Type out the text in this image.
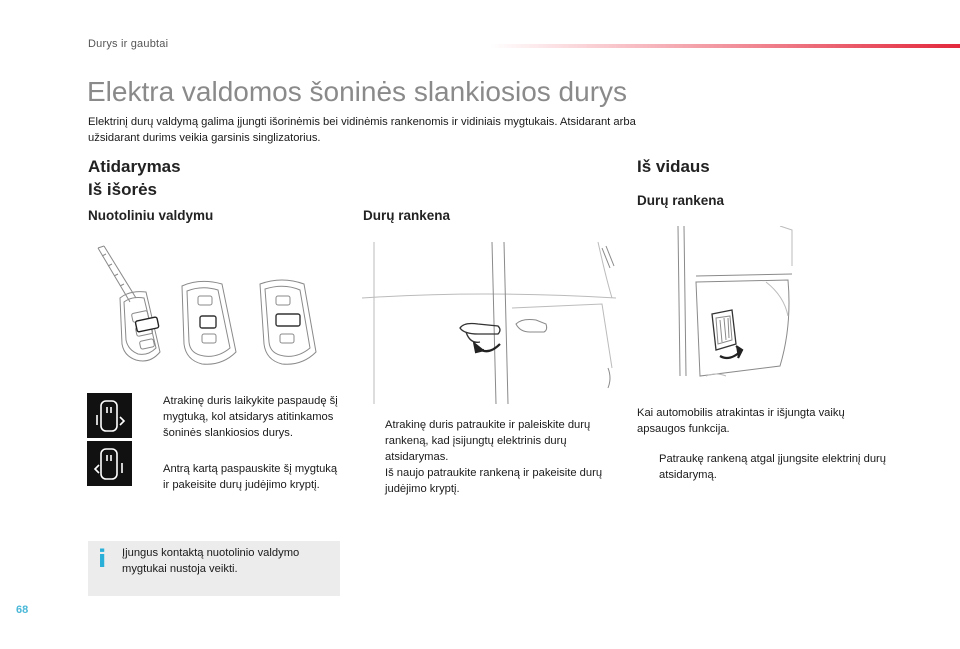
Durys ir gaubtai
Elektra valdomos šoninės slankiosios durys

Elektrinį durų valdymą galima įjungti išorinėmis bei vidinėmis rankenomis ir vidiniais mygtukais. Atsidarant arba užsidarant durims veikia garsinis singlizatorius.

Atidarymas
Iš išorės
Nuotoliniu valdymu	Durų rankena
Iš vidaus
Durų rankena
Atrakinę duris laikykite paspaudę šį mygtuką, kol atsidarys atitinkamos šoninės slankiosios durys.
Antrą kartą paspauskite šį mygtuką ir pakeisite durų judėjimo kryptį.
i Įjungus kontaktą nuotolinio valdymo mygtukai nustoja veikti.
Atrakinę duris patraukite ir paleiskite durų rankeną, kad įsijungtų elektrinis durų atsidarymas.
Iš naujo patraukite rankeną ir pakeisite durų judėjimo kryptį.

Kai automobilis atrakintas ir išjungta vaikų apsaugos funkcija.

Patraukę rankeną atgal įjungsite elektrinį durų atsidarymą.
68
